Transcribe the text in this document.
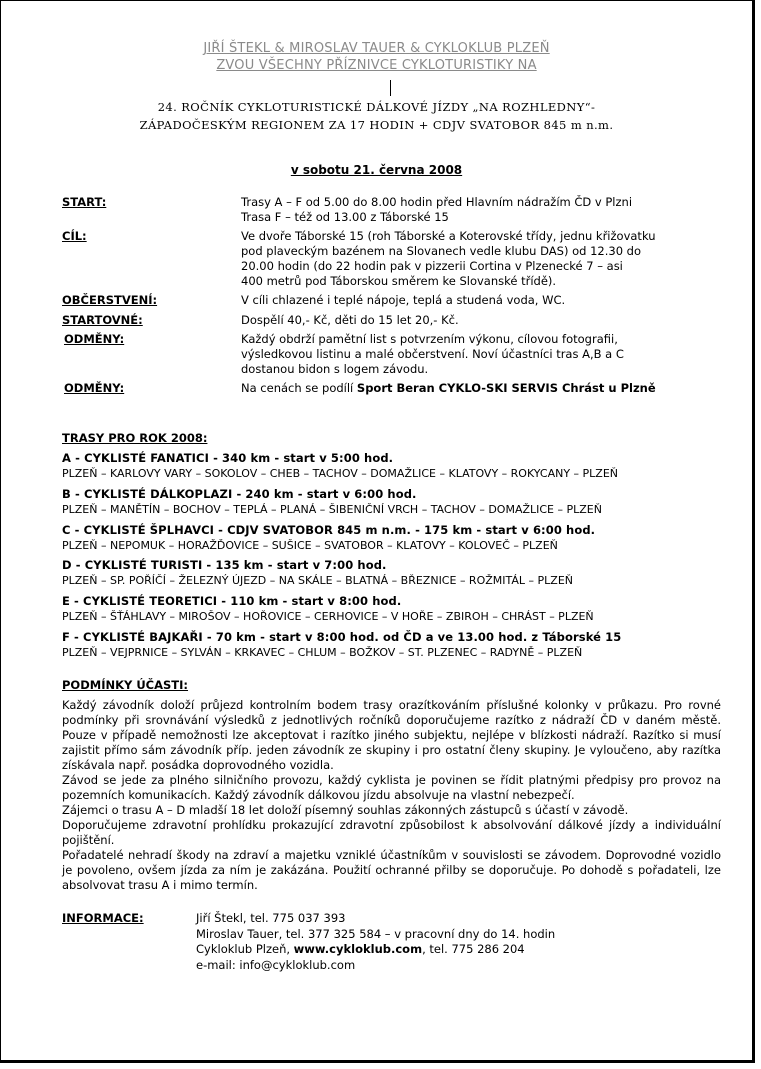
JIŘÍ ŠTEKL & MIROSLAV TAUER & CYKLOKLUB PLZEŇ
ZVOU VŠECHNY PŘÍZNIVCE CYKLOTURISTIKY NA
24. ROČNÍK CYKLOTURISTICKÉ DÁLKOVÉ JÍZDY „NA ROZHLEDNY“-
ZÁPADOČESKÝM REGIONEM ZA 17 HODIN + CDJV SVATOBOR 845 m n.m.
v sobotu 21. června 2008
START:	Trasy A – F od 5.00 do 8.00 hodin před Hlavním nádražím ČD v Plzni
Trasa F – též od 13.00 z Táborské 15
CÍL:	Ve dvoře Táborské 15 (roh Táborské a Koterovské třídy, jednu křižovatku
pod plaveckým bazénem na Slovanech vedle klubu DAS) od 12.30 do
20.00 hodin (do 22 hodin pak v pizzerii Cortina v Plzenecké 7 – asi
400 metrů pod Táborskou směrem ke Slovanské třídě).
OBČERSTVENÍ:	V cíli chlazené i teplé nápoje, teplá a studená voda, WC.
STARTOVNÉ:	Dospělí 40,- Kč, děti do 15 let 20,- Kč.
ODMĚNY:	Každý obdrží pamětní list s potvrzením výkonu, cílovou fotografii,
výsledkovou listinu a malé občerstvení. Noví účastníci tras A,B a C
dostanou bidon s logem závodu.
ODMĚNY:	Na cenách se podílí Sport Beran CYKLO-SKI SERVIS Chrást u Plzně
TRASY PRO ROK 2008:
A - CYKLISTÉ FANATICI - 340 km - start v 5:00 hod.
PLZEŇ – KARLOVY VARY – SOKOLOV – CHEB – TACHOV – DOMAŽLICE – KLATOVY – ROKYCANY – PLZEŇ
B - CYKLISTÉ DÁLKOPLAZI - 240 km - start v 6:00 hod.
PLZEŇ – MANĚTÍN – BOCHOV – TEPLÁ – PLANÁ – ŠIBENIČNÍ VRCH – TACHOV – DOMAŽLICE – PLZEŇ
C - CYKLISTÉ ŠPLHAVCI - CDJV SVATOBOR 845 m n.m. - 175 km - start v 6:00 hod.
PLZEŇ – NEPOMUK – HORAŽĎOVICE – SUŠICE – SVATOBOR – KLATOVY – KOLOVEČ – PLZEŇ
D - CYKLISTÉ TURISTI - 135 km - start v 7:00 hod.
PLZEŇ – SP. POŘÍČÍ – ŽELEZNÝ ÚJEZD – NA SKÁLE – BLATNÁ – BŘEZNICE – ROŽMITÁL – PLZEŇ
E - CYKLISTÉ TEORETICI - 110 km - start v 8:00 hod.
PLZEŇ – ŠŤÁHLAVY – MIROŠOV – HOŘOVICE – CERHOVICE – V HOŘE – ZBIROH – CHRÁST – PLZEŇ
F - CYKLISTÉ BAJKAŘI - 70 km - start v 8:00 hod. od ČD a ve 13.00 hod. z Táborské 15
PLZEŇ – VEJPRNICE – SYLVÁN – KRKAVEC – CHLUM – BOŽKOV – ST. PLZENEC – RADYNĚ – PLZEŇ
PODMÍNKY ÚČASTI:

Každý závodník doloží průjezd kontrolním bodem trasy orazítkováním příslušné kolonky v průkazu. Pro rovné podmínky při srovnávání výsledků z jednotlivých ročníků doporučujeme razítko z nádraží ČD v daném městě. Pouze v případě nemožnosti lze akceptovat i razítko jiného subjektu, nejlépe v blízkosti nádraží. Razítko si musí zajistit přímo sám závodník příp. jeden závodník ze skupiny i pro ostatní členy skupiny. Je vyloučeno, aby razítka získávala např. posádka doprovodného vozidla.

Závod se jede za plného silničního provozu, každý cyklista je povinen se řídit platnými předpisy pro provoz na pozemních komunikacích. Každý závodník dálkovou jízdu absolvuje na vlastní nebezpečí.

Zájemci o trasu A – D mladší 18 let doloží písemný souhlas zákonných zástupců s účastí v závodě.

Doporučujeme zdravotní prohlídku prokazující zdravotní způsobilost k absolvování dálkové jízdy a individuální pojištění.

Pořadatelé nehradí škody na zdraví a majetku vzniklé účastníkům v souvislosti se závodem. Doprovodné vozidlo je povoleno, ovšem jízda za ním je zakázána. Použití ochranné přilby se doporučuje. Po dohodě s pořadateli, lze absolvovat trasu A i mimo termín.

INFORMACE:	Jiří Štekl, tel. 775 037 393
Miroslav Tauer, tel. 377 325 584 – v pracovní dny do 14. hodin
Cykloklub Plzeň, www.cykloklub.com, tel. 775 286 204
e-mail: info@cykloklub.com
